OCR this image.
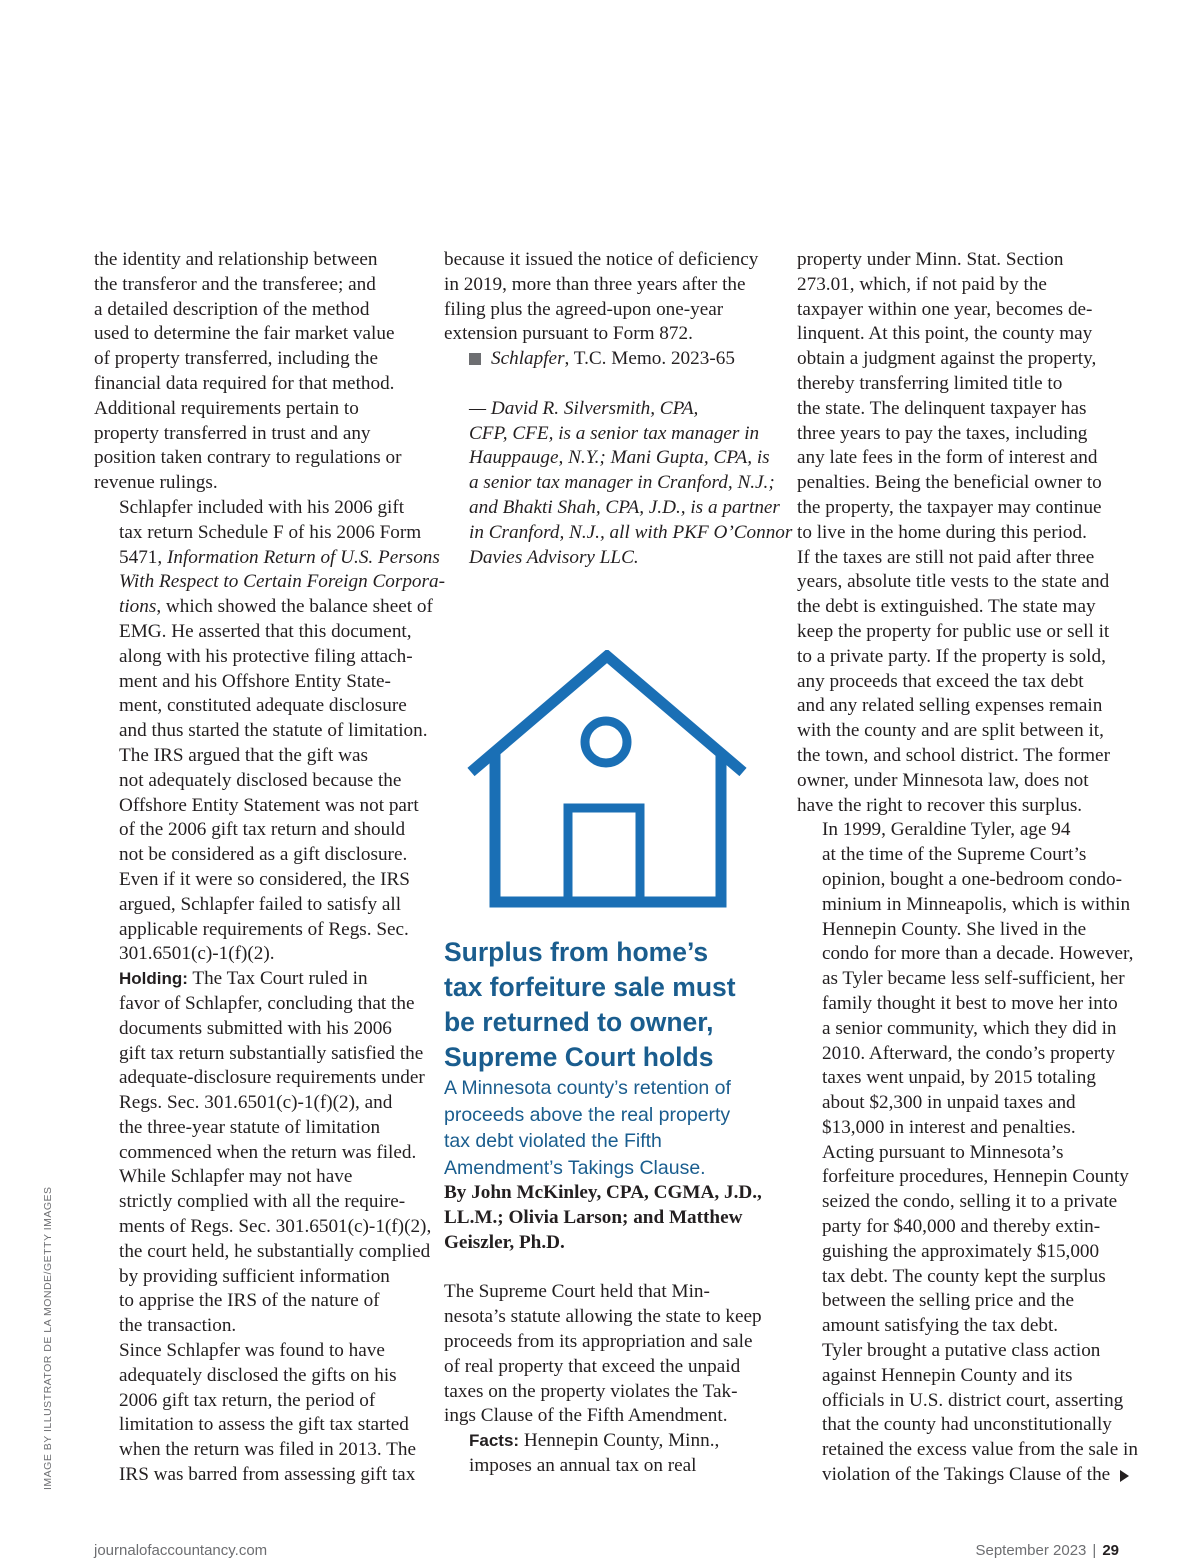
the identity and relationship between
the transferor and the transferee; and
a detailed description of the method
used to determine the fair market value
of property transferred, including the
financial data required for that method.
Additional requirements pertain to
property transferred in trust and any
position taken contrary to regulations or
revenue rulings.

Schlapfer included with his 2006 gift
tax return Schedule F of his 2006 Form
5471, Information Return of U.S. Persons
With Respect to Certain Foreign Corpora-
tions, which showed the balance sheet of
EMG. He asserted that this document,
along with his protective filing attach-
ment and his Offshore Entity State-
ment, constituted adequate disclosure
and thus started the statute of limitation.

The IRS argued that the gift was
not adequately disclosed because the
Offshore Entity Statement was not part
of the 2006 gift tax return and should
not be considered as a gift disclosure.
Even if it were so considered, the IRS
argued, Schlapfer failed to satisfy all
applicable requirements of Regs. Sec.
301.6501(c)-1(f)(2).

Holding: The Tax Court ruled in
favor of Schlapfer, concluding that the
documents submitted with his 2006
gift tax return substantially satisfied the
adequate-disclosure requirements under
Regs. Sec. 301.6501(c)-1(f)(2), and
the three-year statute of limitation
commenced when the return was filed.

While Schlapfer may not have
strictly complied with all the require-
ments of Regs. Sec. 301.6501(c)-1(f)(2),
the court held, he substantially complied
by providing sufficient information
to apprise the IRS of the nature of
the transaction.

Since Schlapfer was found to have
adequately disclosed the gifts on his
2006 gift tax return, the period of
limitation to assess the gift tax started
when the return was filed in 2013. The
IRS was barred from assessing gift tax

because it issued the notice of deficiency
in 2019, more than three years after the
filing plus the agreed-upon one-year
extension pursuant to Form 872.

Schlapfer, T.C. Memo. 2023-65

— David R. Silversmith, CPA,
CFP, CFE, is a senior tax manager in
Hauppauge, N.Y.; Mani Gupta, CPA, is
a senior tax manager in Cranford, N.J.;
and Bhakti Shah, CPA, J.D., is a partner
in Cranford, N.J., all with PKF O’Connor
Davies Advisory LLC.

Surplus from home’s
tax forfeiture sale must
be returned to owner,
Supreme Court holds

A Minnesota county’s retention of
proceeds above the real property
tax debt violated the Fifth
Amendment’s Takings Clause.

By John McKinley, CPA, CGMA, J.D.,
LL.M.; Olivia Larson; and Matthew
Geiszler, Ph.D.

The Supreme Court held that Min-
nesota’s statute allowing the state to keep
proceeds from its appropriation and sale
of real property that exceed the unpaid
taxes on the property violates the Tak-
ings Clause of the Fifth Amendment.

Facts: Hennepin County, Minn.,
imposes an annual tax on real

property under Minn. Stat. Section
273.01, which, if not paid by the
taxpayer within one year, becomes de-
linquent. At this point, the county may
obtain a judgment against the property,
thereby transferring limited title to
the state. The delinquent taxpayer has
three years to pay the taxes, including
any late fees in the form of interest and
penalties. Being the beneficial owner to
the property, the taxpayer may continue
to live in the home during this period.
If the taxes are still not paid after three
years, absolute title vests to the state and
the debt is extinguished. The state may
keep the property for public use or sell it
to a private party. If the property is sold,
any proceeds that exceed the tax debt
and any related selling expenses remain
with the county and are split between it,
the town, and school district. The former
owner, under Minnesota law, does not
have the right to recover this surplus.

In 1999, Geraldine Tyler, age 94
at the time of the Supreme Court’s
opinion, bought a one-bedroom condo-
minium in Minneapolis, which is within
Hennepin County. She lived in the
condo for more than a decade. However,
as Tyler became less self-sufficient, her
family thought it best to move her into
a senior community, which they did in
2010. Afterward, the condo’s property
taxes went unpaid, by 2015 totaling
about $2,300 in unpaid taxes and
$13,000 in interest and penalties.

Acting pursuant to Minnesota’s
forfeiture procedures, Hennepin County
seized the condo, selling it to a private
party for $40,000 and thereby extin-
guishing the approximately $15,000
tax debt. The county kept the surplus
between the selling price and the
amount satisfying the tax debt.

Tyler brought a putative class action
against Hennepin County and its
officials in U.S. district court, asserting
that the county had unconstitutionally
retained the excess value from the sale in
violation of the Takings Clause of the

IMAGE BY ILLUSTRATOR DE LA MONDE/GETTY IMAGES
journalofaccountancy.com	September 2023 | 29
